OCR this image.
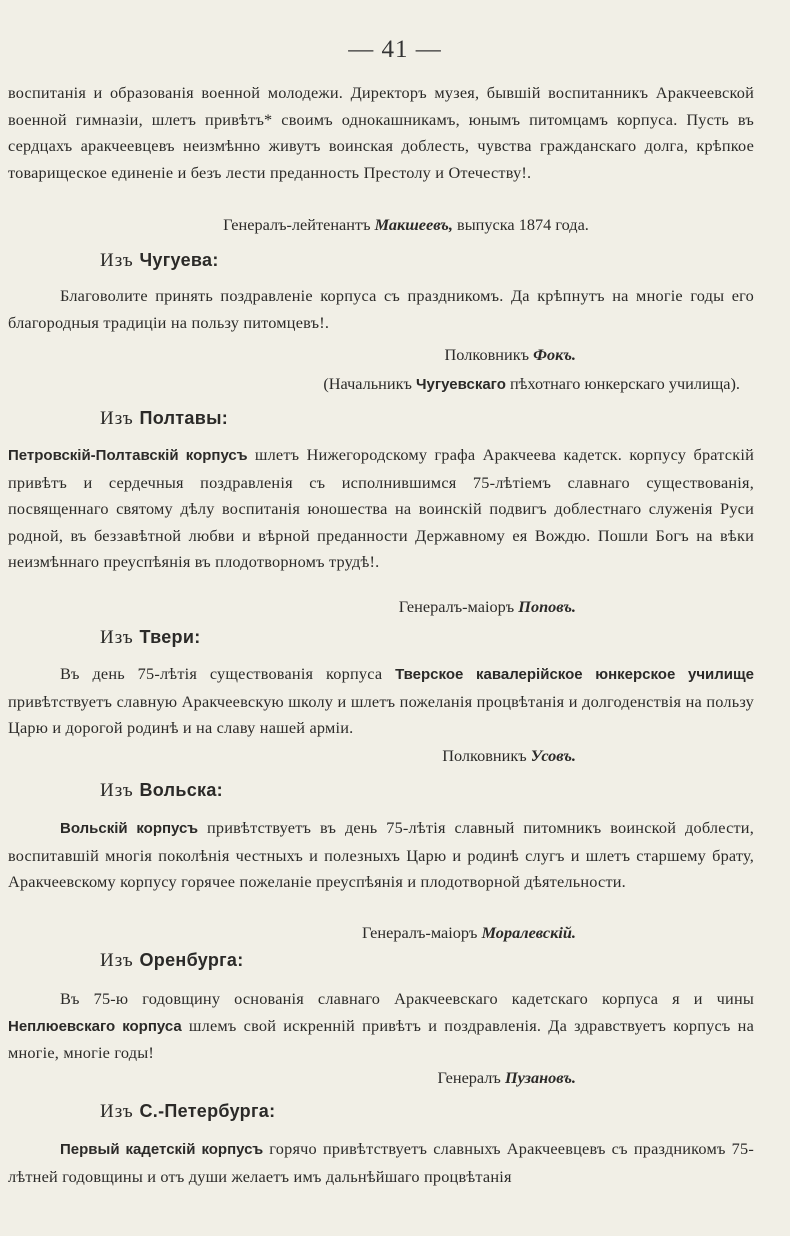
— 41 —

воспитанія и образованія военной молодежи. Директоръ музея, бывшій воспитанникъ Аракчеевской военной гимназіи, шлетъ привѣтъ* своимъ однокашникамъ, юнымъ питомцамъ корпуса. Пусть въ сердцахъ аракчеевцевъ неизмѣнно живутъ воинская доблесть, чувства гражданскаго долга, крѣпкое товарищеское единеніе и безъ лести преданность Престолу и Отечеству!.

Генералъ-лейтенантъ Макшеевъ, выпуска 1874 года.

Изъ Чугуева:

Благоволите принять поздравленіе корпуса съ праздникомъ. Да крѣпнутъ на многіе годы его благородныя традиціи на пользу питомцевъ!.

Полковникъ Фокъ.

(Начальникъ Чугуевскаго пѣхотнаго юнкерскаго училища).

Изъ Полтавы:

Петровскій-Полтавскій корпусъ шлетъ Нижегородскому графа Аракчеева кадетск. корпусу братскій привѣтъ и сердечныя поздравленія съ исполнившимся 75-лѣтіемъ славнаго существованія, посвященнаго святому дѣлу воспитанія юношества на воинскій подвигъ доблестнаго служенія Руси родной, въ беззавѣтной любви и вѣрной преданности Державному ея Вождю. Пошли Богъ на вѣки неизмѣннаго преуспѣянія въ плодотворномъ трудѣ!.

Генералъ-маіоръ Поповъ.

Изъ Твери:

Въ день 75-лѣтія существованія корпуса Тверское кавалерійское юнкерское училище привѣтствуетъ славную Аракчеевскую школу и шлетъ пожеланія процвѣтанія и долгоденствія на пользу Царю и дорогой родинѣ и на славу нашей арміи.

Полковникъ Усовъ.

Изъ Вольска:

Вольскій корпусъ привѣтствуетъ въ день 75-лѣтія славный питомникъ воинской доблести, воспитавшій многія поколѣнія честныхъ и полезныхъ Царю и родинѣ слугъ и шлетъ старшему брату, Аракчеевскому корпусу горячее пожеланіе преуспѣянія и плодотворной дѣятельности.

Генералъ-маіоръ Моралевскій.

Изъ Оренбурга:

Въ 75-ю годовщину основанія славнаго Аракчеевскаго кадетскаго корпуса я и чины Неплюевскаго корпуса шлемъ свой искренній привѣтъ и поздравленія. Да здравствуетъ корпусъ на многіе, многіе годы!

Генералъ Пузановъ.

Изъ С.-Петербурга:

Первый кадетскій корпусъ горячо привѣтствуетъ славныхъ Аракчеевцевъ съ праздникомъ 75-лѣтней годовщины и отъ души желаетъ имъ дальнѣйшаго процвѣтанія
